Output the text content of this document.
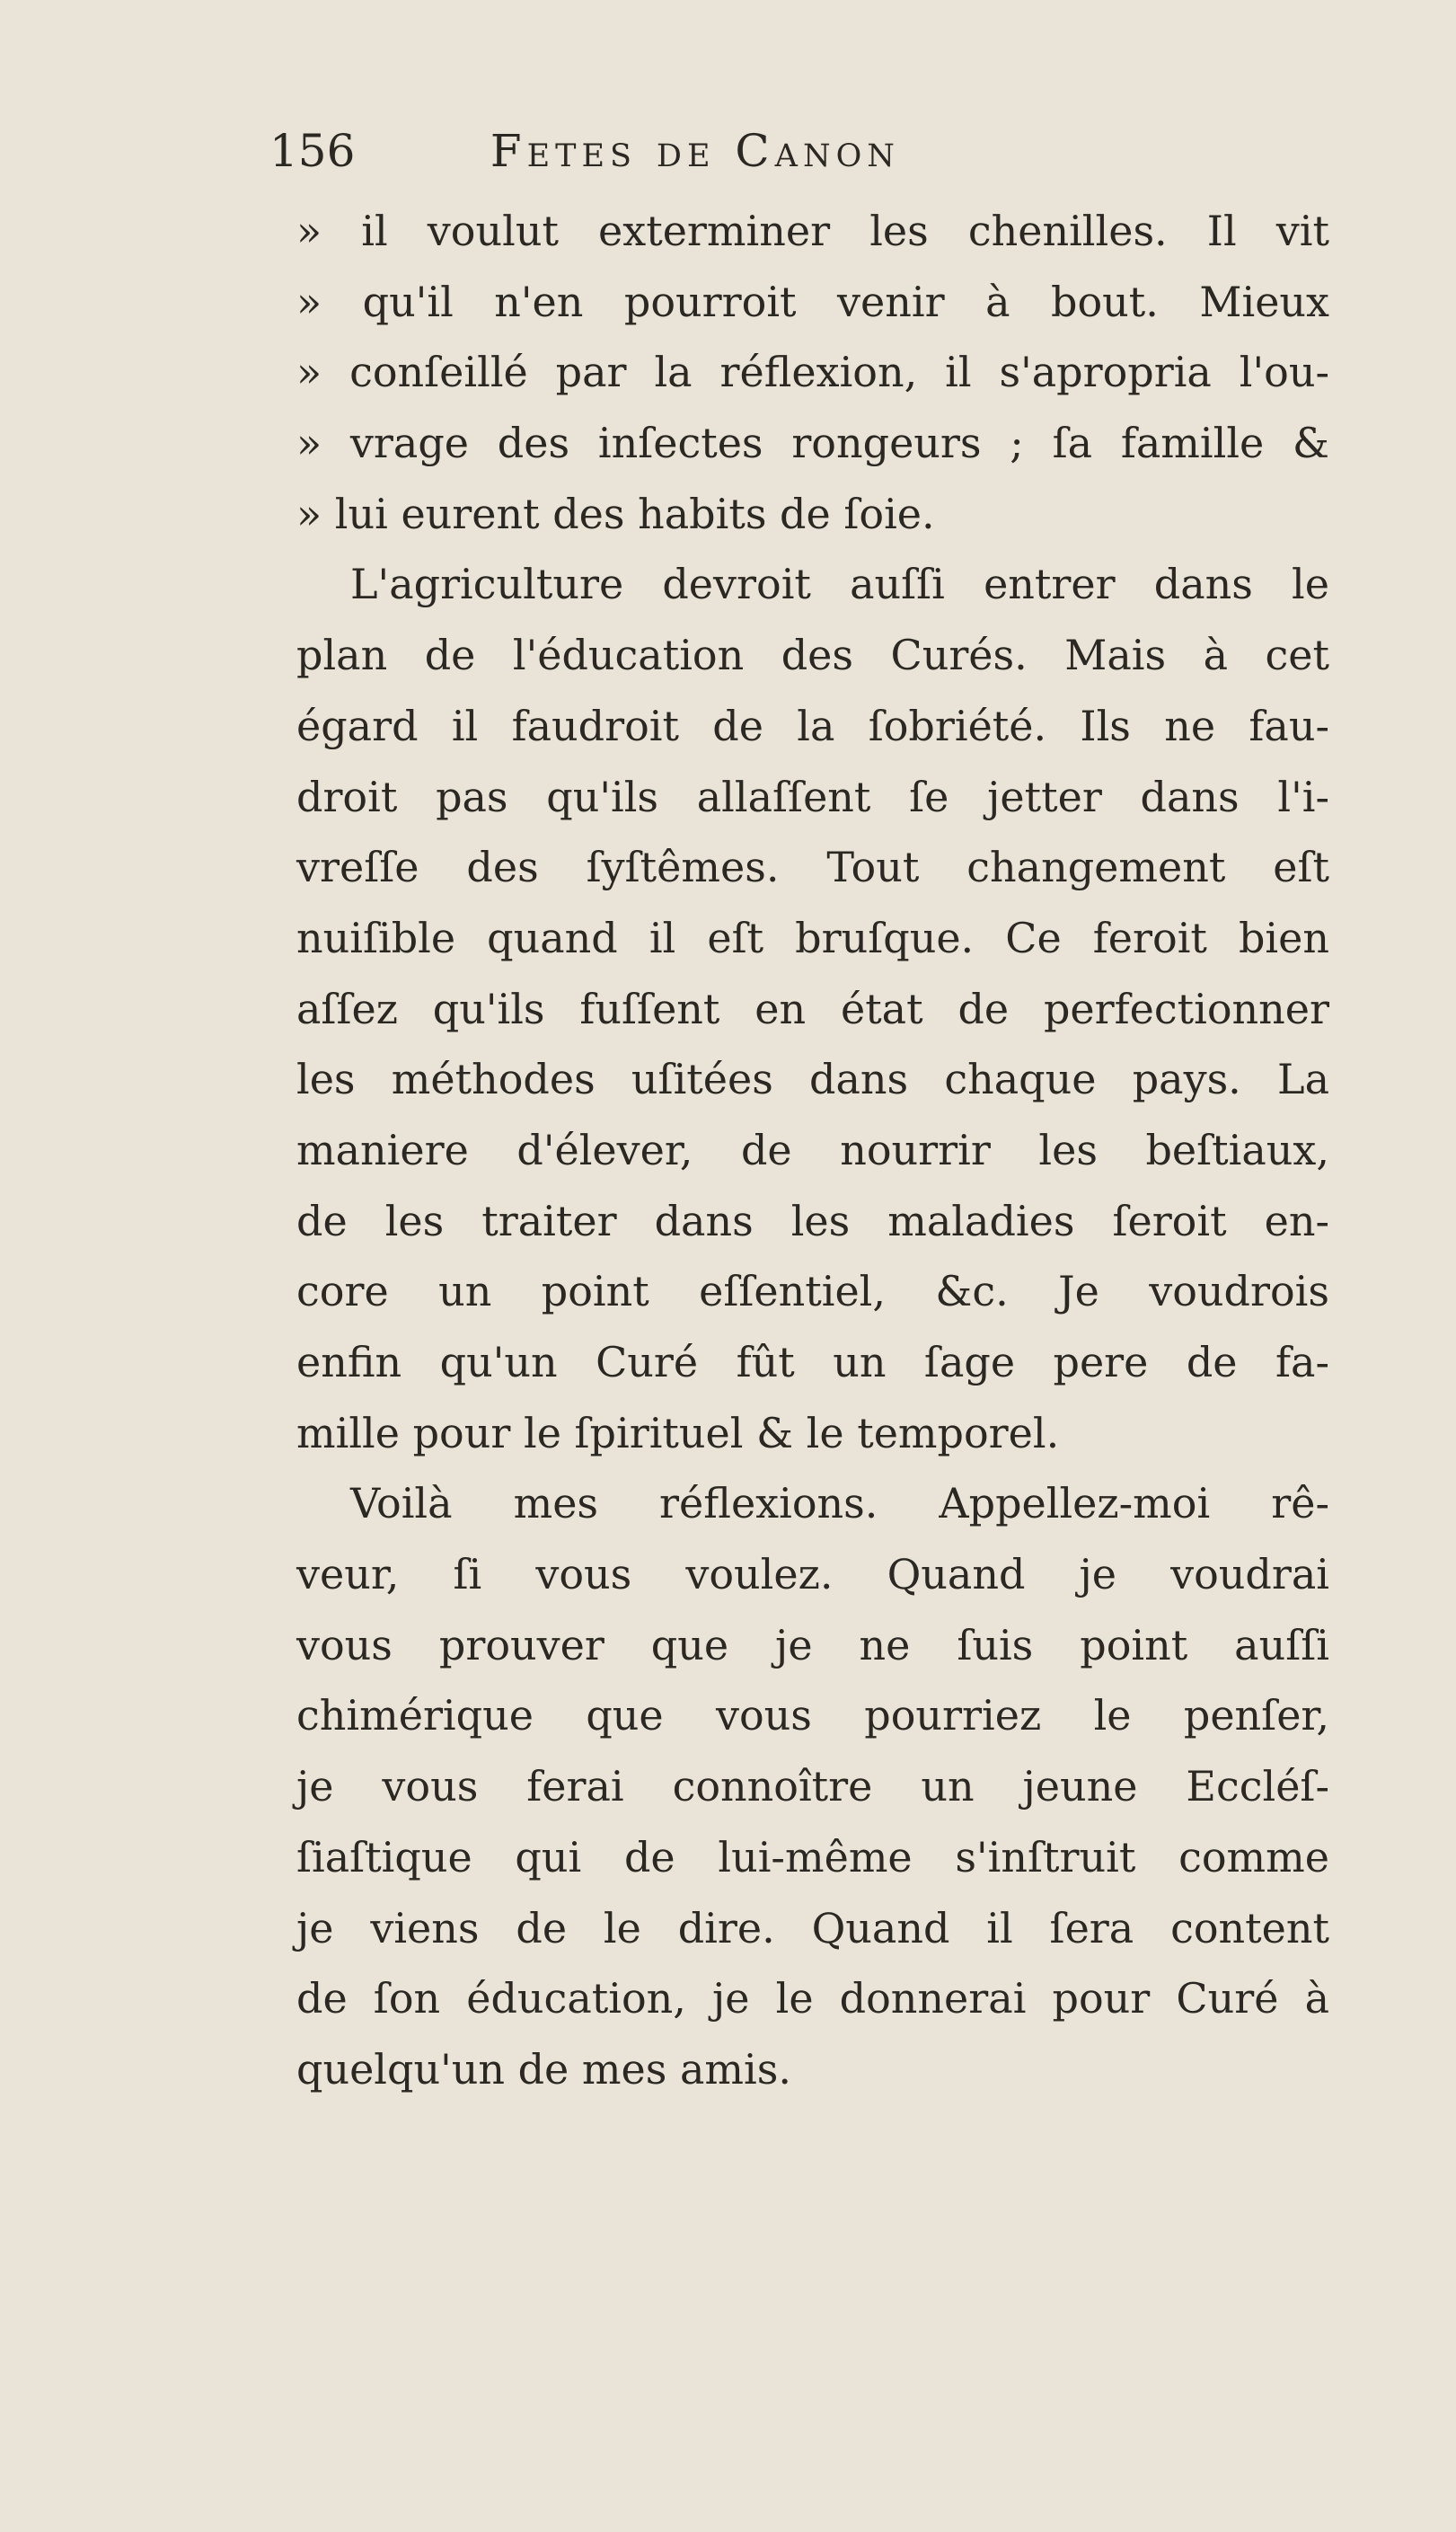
156	Fetes de Canon
» il voulut exterminer les chenilles. Il vit
» qu'il n'en pourroit venir à bout. Mieux
» conſeillé par la réflexion, il s'apropria l'ou-
» vrage des inſectes rongeurs ; ſa famille &
» lui eurent des habits de ſoie.
L'agriculture devroit auſſi entrer dans le
plan de l'éducation des Curés. Mais à cet
égard il faudroit de la ſobriété. Ils ne fau-
droit pas qu'ils allaſſent ſe jetter dans l'i-
vreſſe des ſyſtêmes. Tout changement eſt
nuiſible quand il eſt bruſque. Ce feroit bien
aſſez qu'ils fuſſent en état de perfectionner
les méthodes uſitées dans chaque pays. La
maniere d'élever, de nourrir les beſtiaux,
de les traiter dans les maladies ſeroit en-
core un point eſſentiel, &c. Je voudrois
enfin qu'un Curé fût un ſage pere de fa-
mille pour le ſpirituel & le temporel.
Voilà mes réflexions. Appellez-moi rê-
veur, ſi vous voulez. Quand je voudrai
vous prouver que je ne ſuis point auſſi
chimérique que vous pourriez le penſer,
je vous ferai connoître un jeune Eccléſ-
ſiaſtique qui de lui-même s'inſtruit comme
je viens de le dire. Quand il ſera content
de ſon éducation, je le donnerai pour Curé à
quelqu'un de mes amis.
